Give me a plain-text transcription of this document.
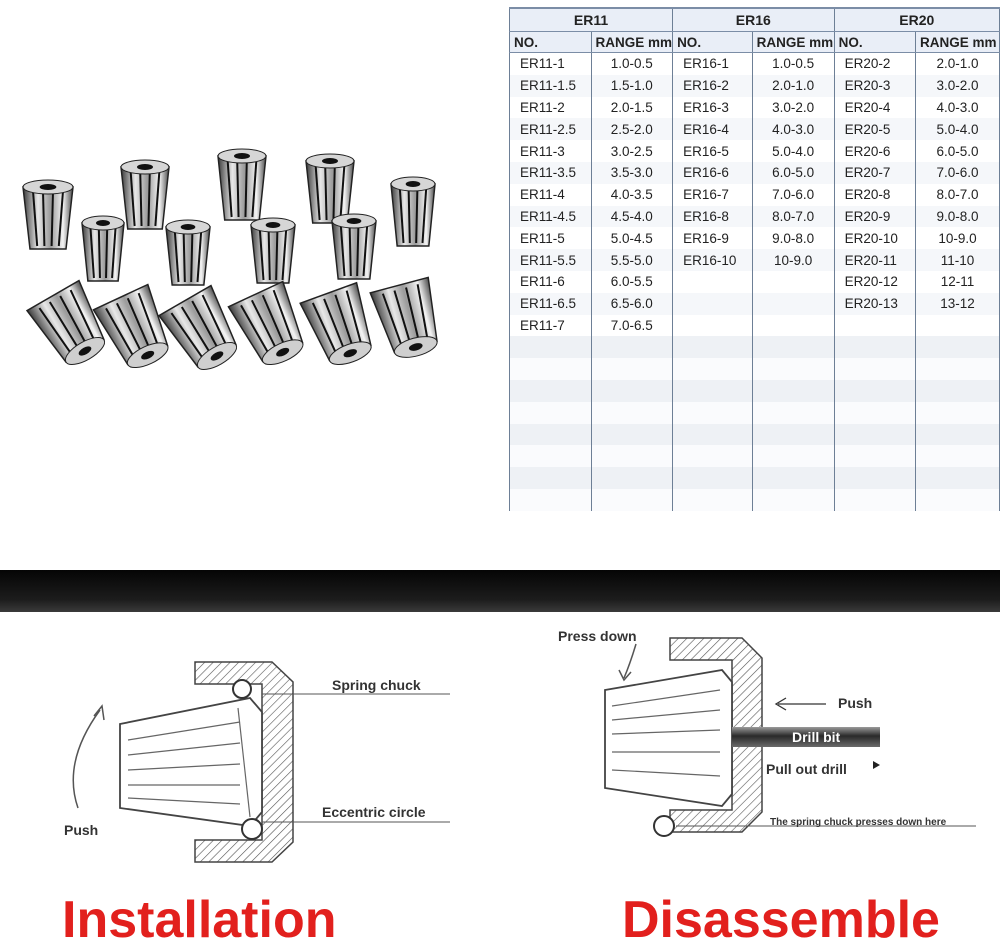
ER11		ER16		ER20	
NO.	RANGE mm	NO.	RANGE mm	NO.	RANGE mm
ER11-1	1.0-0.5	ER16-1	1.0-0.5	ER20-2	2.0-1.0
ER11-1.5	1.5-1.0	ER16-2	2.0-1.0	ER20-3	3.0-2.0
ER11-2	2.0-1.5	ER16-3	3.0-2.0	ER20-4	4.0-3.0
ER11-2.5	2.5-2.0	ER16-4	4.0-3.0	ER20-5	5.0-4.0
ER11-3	3.0-2.5	ER16-5	5.0-4.0	ER20-6	6.0-5.0
ER11-3.5	3.5-3.0	ER16-6	6.0-5.0	ER20-7	7.0-6.0
ER11-4	4.0-3.5	ER16-7	7.0-6.0	ER20-8	8.0-7.0
ER11-4.5	4.5-4.0	ER16-8	8.0-7.0	ER20-9	9.0-8.0
ER11-5	5.0-4.5	ER16-9	9.0-8.0	ER20-10	10-9.0
ER11-5.5	5.5-5.0	ER16-10	10-9.0	ER20-11	11-10
ER11-6	6.0-5.5			ER20-12	12-11
ER11-6.5	6.5-6.0			ER20-13	13-12
ER11-7	7.0-6.5				

Push
Spring chuck
Eccentric circle
Installation
Press down
Push
Drill bit
Pull out drill
The spring chuck presses down here
Disassemble
